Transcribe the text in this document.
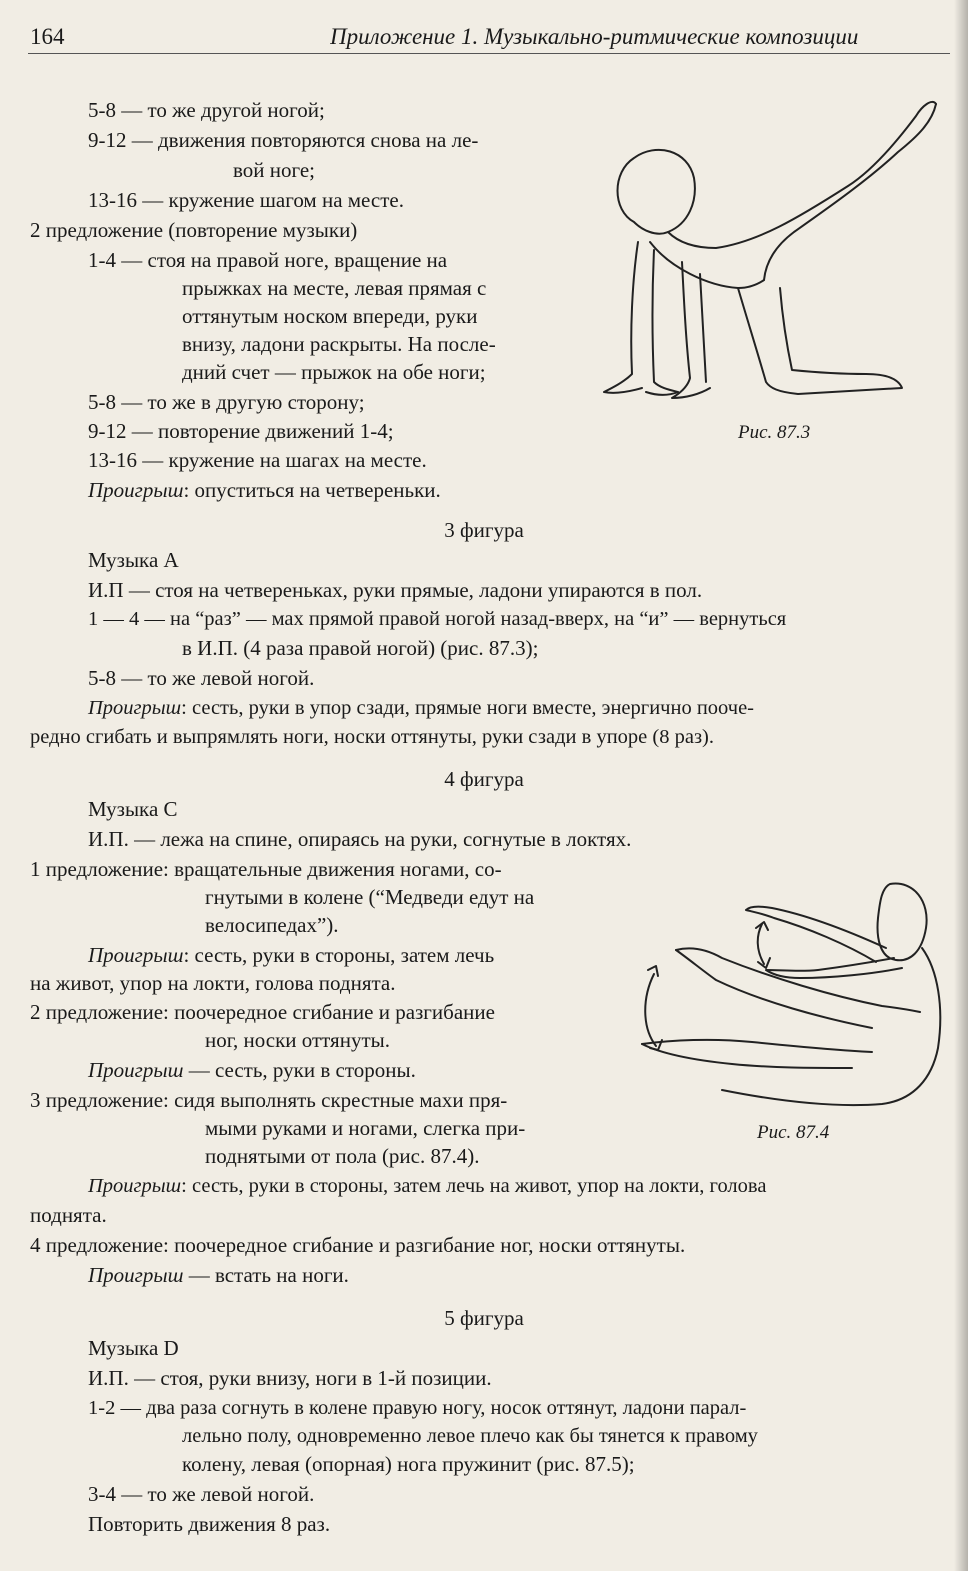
164	Приложение 1. Музыкально-ритмические композиции
5-8 — то же другой ногой;
9-12 — движения повторяются снова на ле-
вой ноге;
13-16 — кружение шагом на месте.
2 предложение (повторение музыки)
1-4 — стоя на правой ноге, вращение на
прыжках на месте, левая прямая с
оттянутым носком впереди, руки
внизу, ладони раскрыты. На после-
дний счет — прыжок на обе ноги;
5-8 — то же в другую сторону;
9-12 — повторение движений 1-4;
13-16 — кружение на шагах на месте.
Проигрыш: опуститься на четвереньки.
Рис. 87.3
3 фигура
Музыка А
И.П — стоя на четвереньках, руки прямые, ладони упираются в пол.
1 — 4 — на “раз” — мах прямой правой ногой назад-вверх, на “и” — вернуться
в И.П. (4 раза правой ногой) (рис. 87.3);
5-8 — то же левой ногой.
Проигрыш: сесть, руки в упор сзади, прямые ноги вместе, энергично пооче-
редно сгибать и выпрямлять ноги, носки оттянуты, руки сзади в упоре (8 раз).
4 фигура
Музыка С
И.П. — лежа на спине, опираясь на руки, согнутые в локтях.
1 предложение: вращательные движения ногами, со-
гнутыми в колене (“Медведи едут на
велосипедах”).
Проигрыш: сесть, руки в стороны, затем лечь
на живот, упор на локти, голова поднята.
2 предложение: поочередное сгибание и разгибание
ног, носки оттянуты.
Проигрыш — сесть, руки в стороны.
3 предложение: сидя выполнять скрестные махи пря-
мыми руками и ногами, слегка при-
поднятыми от пола (рис. 87.4).
Проигрыш: сесть, руки в стороны, затем лечь на живот, упор на локти, голова
поднята.
4 предложение: поочередное сгибание и разгибание ног, носки оттянуты.
Проигрыш — встать на ноги.
Рис. 87.4
5 фигура
Музыка D
И.П. — стоя, руки внизу, ноги в 1-й позиции.
1-2 — два раза согнуть в колене правую ногу, носок оттянут, ладони парал-
лельно полу, одновременно левое плечо как бы тянется к правому
колену, левая (опорная) нога пружинит (рис. 87.5);
3-4 — то же левой ногой.
Повторить движения 8 раз.
